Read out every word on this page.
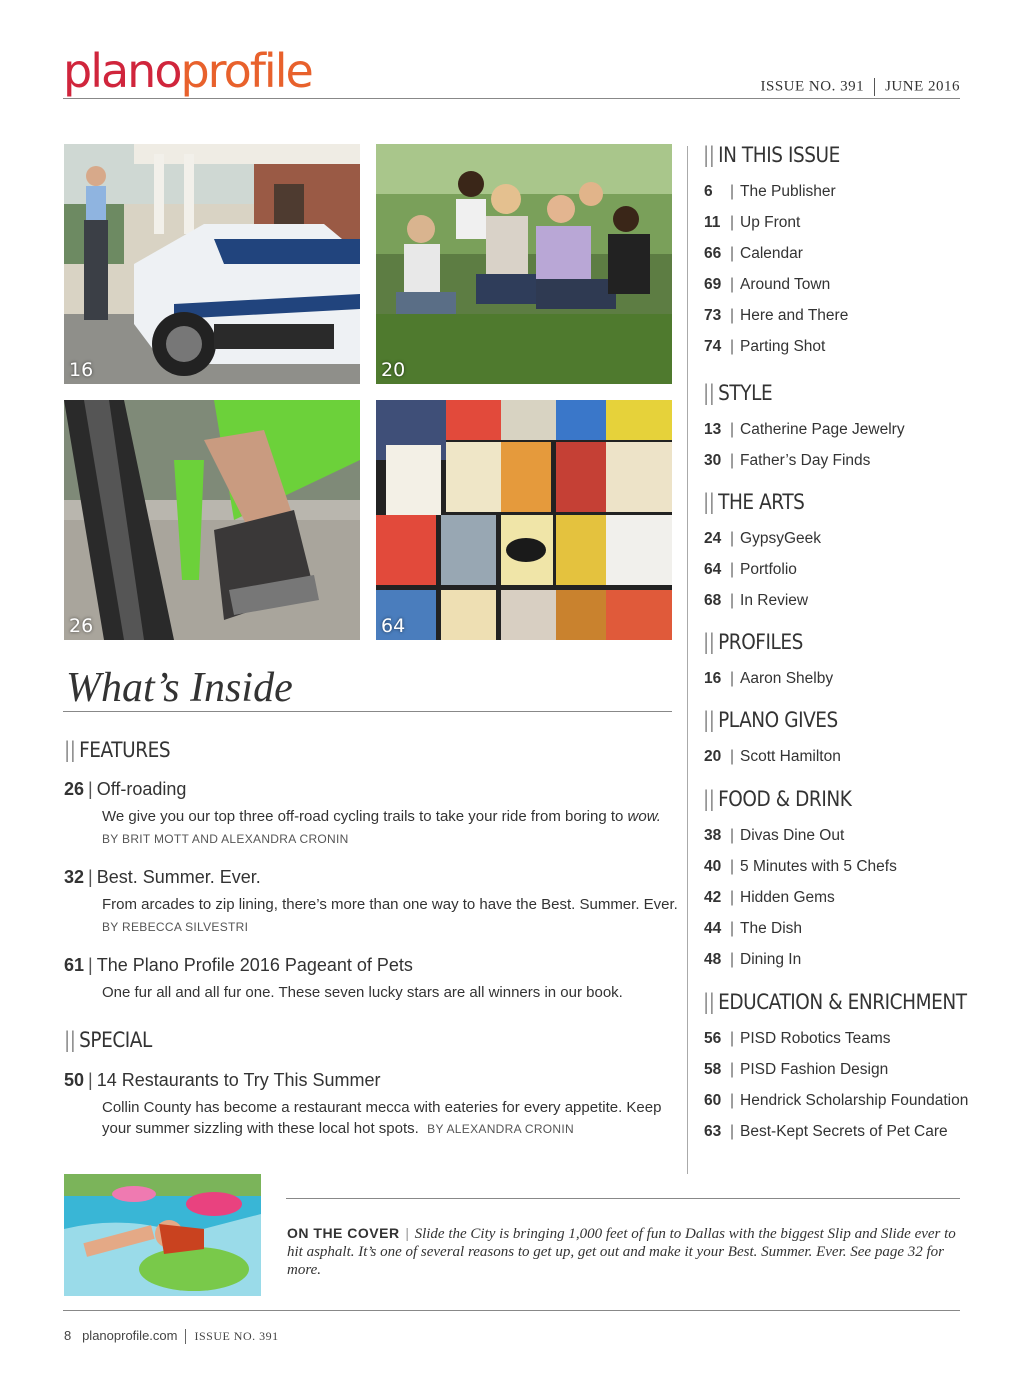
planoprofile	ISSUE NO. 391 JUNE 2016
16	20
26	64
What’s Inside
|| FEATURES
26 | Off-roading
We give you our top three off-road cycling trails to take your ride from boring to wow.
BY BRIT MOTT AND ALEXANDRA CRONIN
32 | Best. Summer. Ever.
From arcades to zip lining, there’s more than one way to have the Best. Summer. Ever.
BY REBECCA SILVESTRI
61 | The Plano Profile 2016 Pageant of Pets
One fur all and all fur one. These seven lucky stars are all winners in our book.
|| SPECIAL
50 | 14 Restaurants to Try This Summer
Collin County has become a restaurant mecca with eateries for every appetite. Keep
your summer sizzling with these local hot spots. BY ALEXANDRA CRONIN
|| IN THIS ISSUE
6 | The Publisher
11 | Up Front
66 | Calendar
69 | Around Town
73 | Here and There
74 | Parting Shot
|| STYLE
13 | Catherine Page Jewelry
30 | Father’s Day Finds
|| THE ARTS
24 | GypsyGeek
64 | Portfolio
68 | In Review
|| PROFILES
16 | Aaron Shelby
|| PLANO GIVES
20 | Scott Hamilton
|| FOOD & DRINK
38 | Divas Dine Out
40 | 5 Minutes with 5 Chefs
42 | Hidden Gems
44 | The Dish
48 | Dining In
|| EDUCATION & ENRICHMENT
56 | PISD Robotics Teams
58 | PISD Fashion Design
60 | Hendrick Scholarship Foundation
63 | Best-Kept Secrets of Pet Care
ON THE COVER | Slide the City is bringing 1,000 feet of fun to Dallas with the biggest Slip and Slide ever to hit asphalt. It’s one of several reasons to get up, get out and make it your Best. Summer. Ever. See page 32 for more.
8 planoprofile.com ISSUE NO. 391
